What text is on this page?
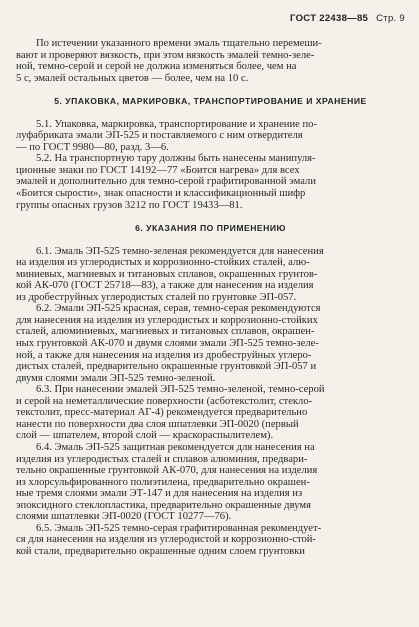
ГОСТ 22438—85 Стр. 9

По истечении указанного времени эмаль тщательно перемеши-
вают и проверяют вязкость, при этом вязкость эмалей темно-зеле-
ной, темно-серой и серой не должна изменяться более, чем на
5 с, эмалей остальных цветов — более, чем на 10 с.

5. УПАКОВКА, МАРКИРОВКА, ТРАНСПОРТИРОВАНИЕ И ХРАНЕНИЕ

5.1. Упаковка, маркировка, транспортирование и хранение по-
луфабриката эмали ЭП-525 и поставляемого с ним отвердителя
— по ГОСТ 9980—80, разд. 3—6.

5.2. На транспортную тару должны быть нанесены манипуля-
ционные знаки по ГОСТ 14192—77 «Боится нагрева» для всех
эмалей и дополнительно для темно-серой графитированной эмали
«Боится сырости», знак опасности и классификационный шифр
группы опасных грузов 3212 по ГОСТ 19433—81.

6. УКАЗАНИЯ ПО ПРИМЕНЕНИЮ

6.1. Эмаль ЭП-525 темно-зеленая рекомендуется для нанесения
на изделия из углеродистых и коррозионно-стойких сталей, алю-
миниевых, магниевых и титановых сплавов, окрашенных грунтов-
кой АК-070 (ГОСТ 25718—83), а также для нанесения на изделия
из дробеструйных углеродистых сталей по грунтовке ЭП-057.

6.2. Эмали ЭП-525 красная, серая, темно-серая рекомендуются
для нанесения на изделия из углеродистых и коррозионно-стойких
сталей, алюминиевых, магниевых и титановых сплавов, окрашен-
ных грунтовкой АК-070 и двумя слоями эмали ЭП-525 темно-зеле-
ной, а также для нанесения на изделия из дробеструйных углеро-
дистых сталей, предварительно окрашенные грунтовкой ЭП-057 и
двумя слоями эмали ЭП-525 темно-зеленой.

6.3. При нанесении эмалей ЭП-525 темно-зеленой, темно-серой
и серой на неметаллические поверхности (асботекстолит, стекло-
текстолит, пресс-материал АГ-4) рекомендуется предварительно
нанести по поверхности два слоя шпатлевки ЭП-0020 (первый
слой — шпателем, второй слой — краскораспылителем).

6.4. Эмаль ЭП-525 защитная рекомендуется для нанесения на
изделия из углеродистых сталей и сплавов алюминия, предвари-
тельно окрашенные грунтовкой АК-070, для нанесения на изделия
из хлорсульфированного полиэтилена, предварительно окрашен-
ные тремя слоями эмали ЭТ-147 и для нанесения на изделия из
эпоксидного стеклопластика, предварительно окрашенные двумя
слоями шпатлевки ЭП-0020 (ГОСТ 10277—76).

6.5. Эмаль ЭП-525 темно-серая графитированная рекомендует-
ся для нанесения на изделия из углеродистой и коррозионно-стой-
кой стали, предварительно окрашенные одним слоем грунтовки
